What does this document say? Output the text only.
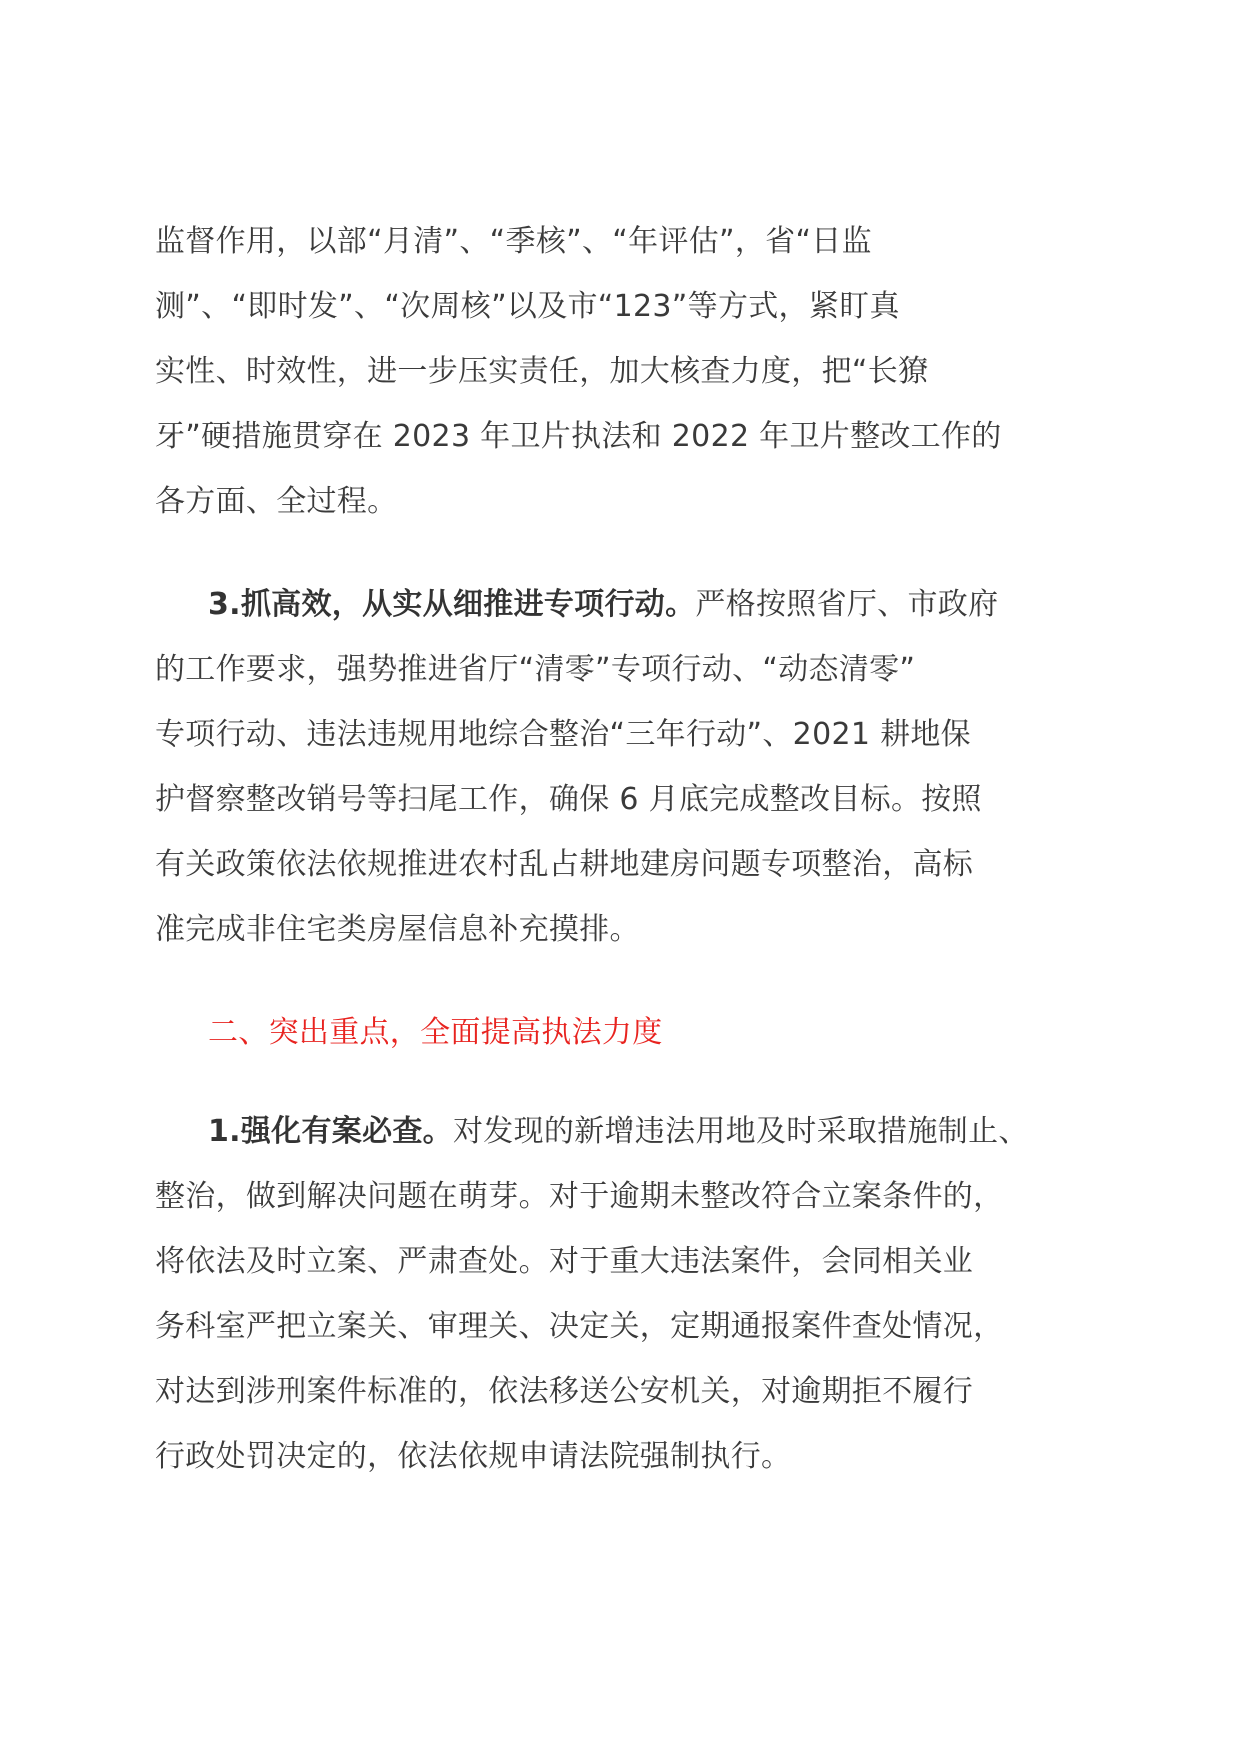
监督作用，以部“月清”、“季核”、“年评估”，省“日监
测”、“即时发”、“次周核”以及市“123”等方式，紧盯真
实性、时效性，进一步压实责任，加大核查力度，把“长獠
牙”硬措施贯穿在 2023 年卫片执法和 2022 年卫片整改工作的
各方面、全过程。
3.抓高效，从实从细推进专项行动。严格按照省厅、市政府
的工作要求，强势推进省厅“清零”专项行动、“动态清零”
专项行动、违法违规用地综合整治“三年行动”、2021 耕地保
护督察整改销号等扫尾工作，确保 6 月底完成整改目标。按照
有关政策依法依规推进农村乱占耕地建房问题专项整治，高标
准完成非住宅类房屋信息补充摸排。
二、突出重点，全面提高执法力度
1.强化有案必查。对发现的新增违法用地及时采取措施制止、
整治，做到解决问题在萌芽。对于逾期未整改符合立案条件的，
将依法及时立案、严肃查处。对于重大违法案件，会同相关业
务科室严把立案关、审理关、决定关，定期通报案件查处情况，
对达到涉刑案件标准的，依法移送公安机关，对逾期拒不履行
行政处罚决定的，依法依规申请法院强制执行。
